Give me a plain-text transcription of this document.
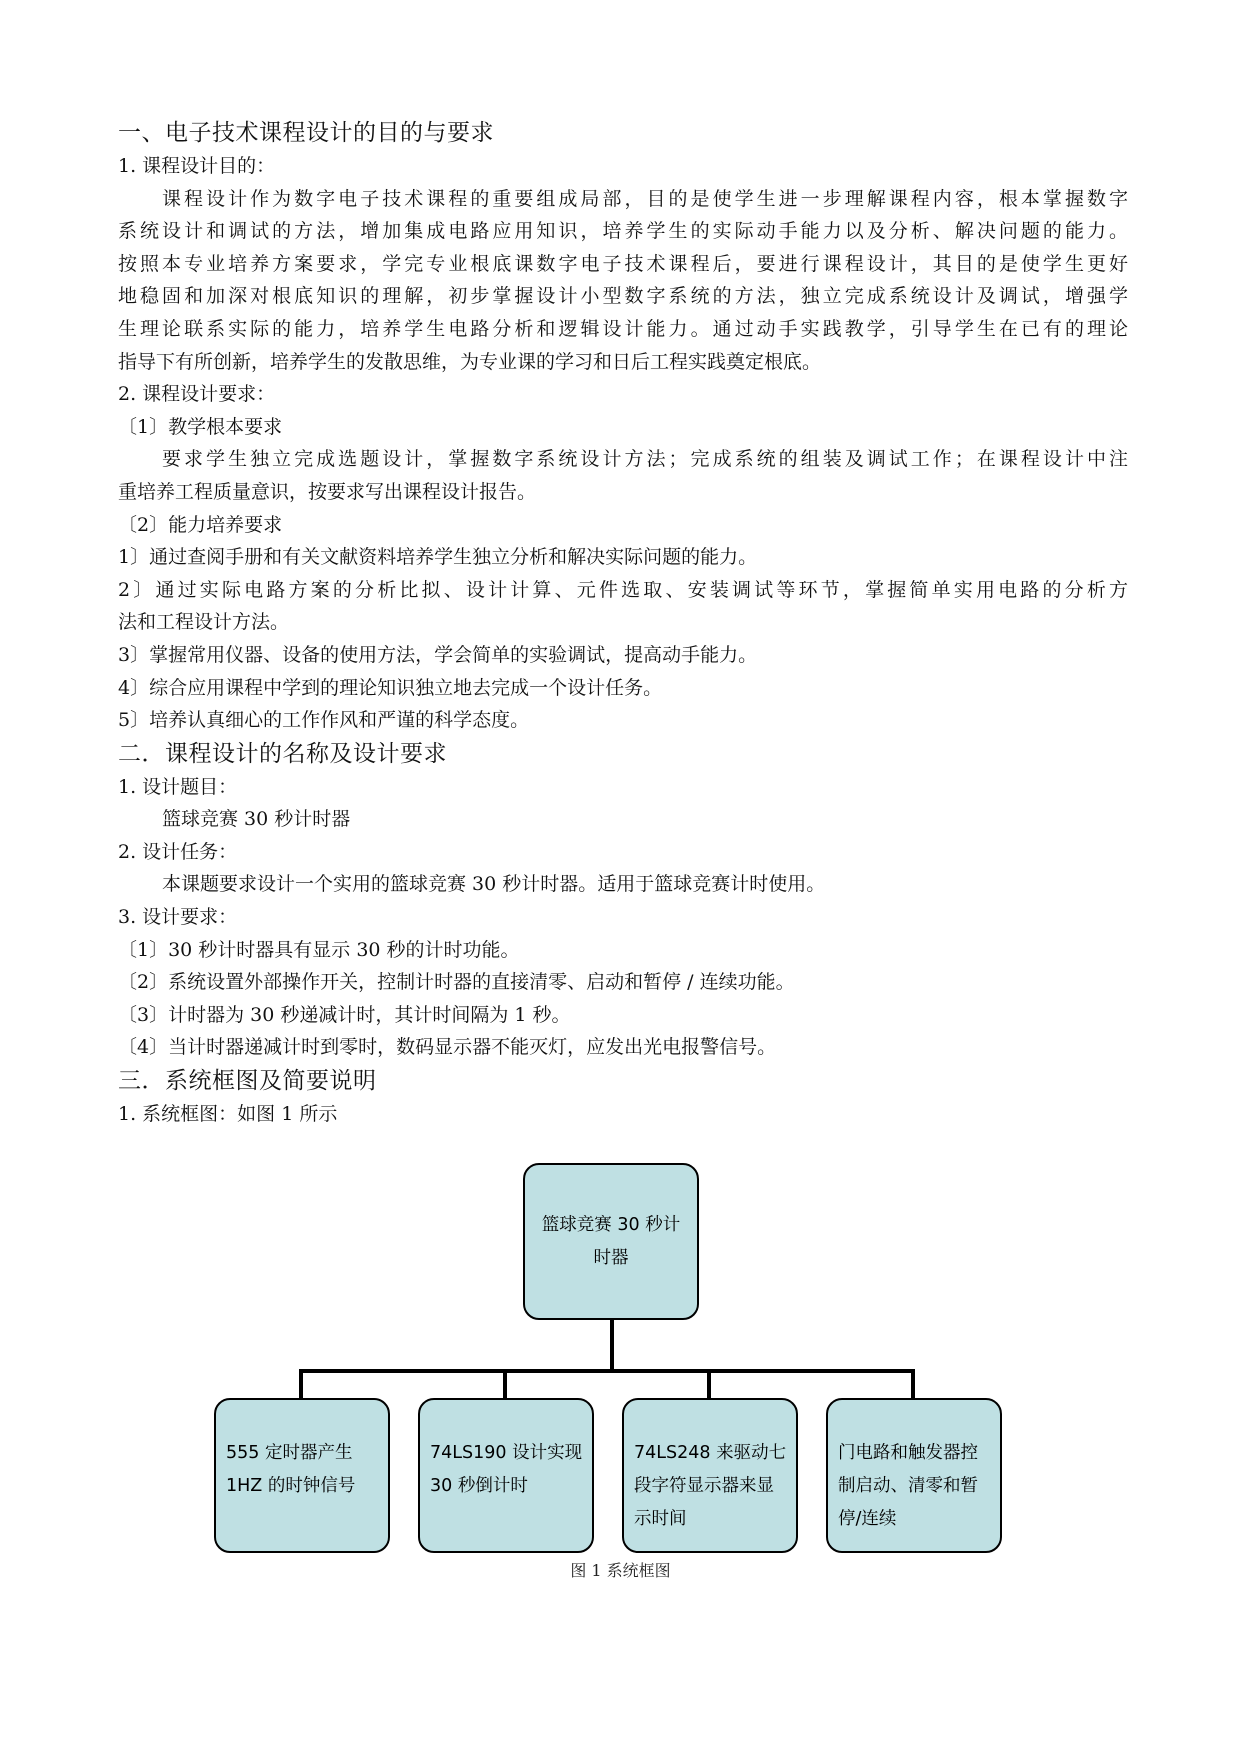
一、电子技术课程设计的目的与要求
1. 课程设计目的：
课程设计作为数字电子技术课程的重要组成局部，目的是使学生进一步理解课程内容，根本掌握数字
系统设计和调试的方法，增加集成电路应用知识，培养学生的实际动手能力以及分析、解决问题的能力。
按照本专业培养方案要求，学完专业根底课数字电子技术课程后，要进行课程设计，其目的是使学生更好
地稳固和加深对根底知识的理解，初步掌握设计小型数字系统的方法，独立完成系统设计及调试，增强学
生理论联系实际的能力，培养学生电路分析和逻辑设计能力。通过动手实践教学，引导学生在已有的理论
指导下有所创新，培养学生的发散思维，为专业课的学习和日后工程实践奠定根底。
2. 课程设计要求：
〔1〕教学根本要求
要求学生独立完成选题设计，掌握数字系统设计方法；完成系统的组装及调试工作；在课程设计中注
重培养工程质量意识，按要求写出课程设计报告。
〔2〕能力培养要求
1〕通过查阅手册和有关文献资料培养学生独立分析和解决实际问题的能力。
2〕通过实际电路方案的分析比拟、设计计算、元件选取、安装调试等环节，掌握简单实用电路的分析方
法和工程设计方法。
3〕掌握常用仪器、设备的使用方法，学会简单的实验调试，提高动手能力。
4〕综合应用课程中学到的理论知识独立地去完成一个设计任务。
5〕培养认真细心的工作作风和严谨的科学态度。
二．课程设计的名称及设计要求
1. 设计题目：
篮球竞赛 30 秒计时器
2. 设计任务：
本课题要求设计一个实用的篮球竞赛 30 秒计时器。适用于篮球竞赛计时使用。
3. 设计要求：
〔1〕30 秒计时器具有显示 30 秒的计时功能。
〔2〕系统设置外部操作开关，控制计时器的直接清零、启动和暂停 / 连续功能。
〔3〕计时器为 30 秒递减计时，其计时间隔为 1 秒。
〔4〕当计时器递减计时到零时，数码显示器不能灭灯，应发出光电报警信号。
三．系统框图及简要说明
1. 系统框图：如图 1 所示
篮球竞赛 30 秒计
时器
555 定时器产生
1HZ 的时钟信号
74LS190 设计实现
30 秒倒计时
74LS248 来驱动七
段字符显示器来显
示时间
门电路和触发器控
制启动、清零和暂
停/连续
图 1 系统框图
